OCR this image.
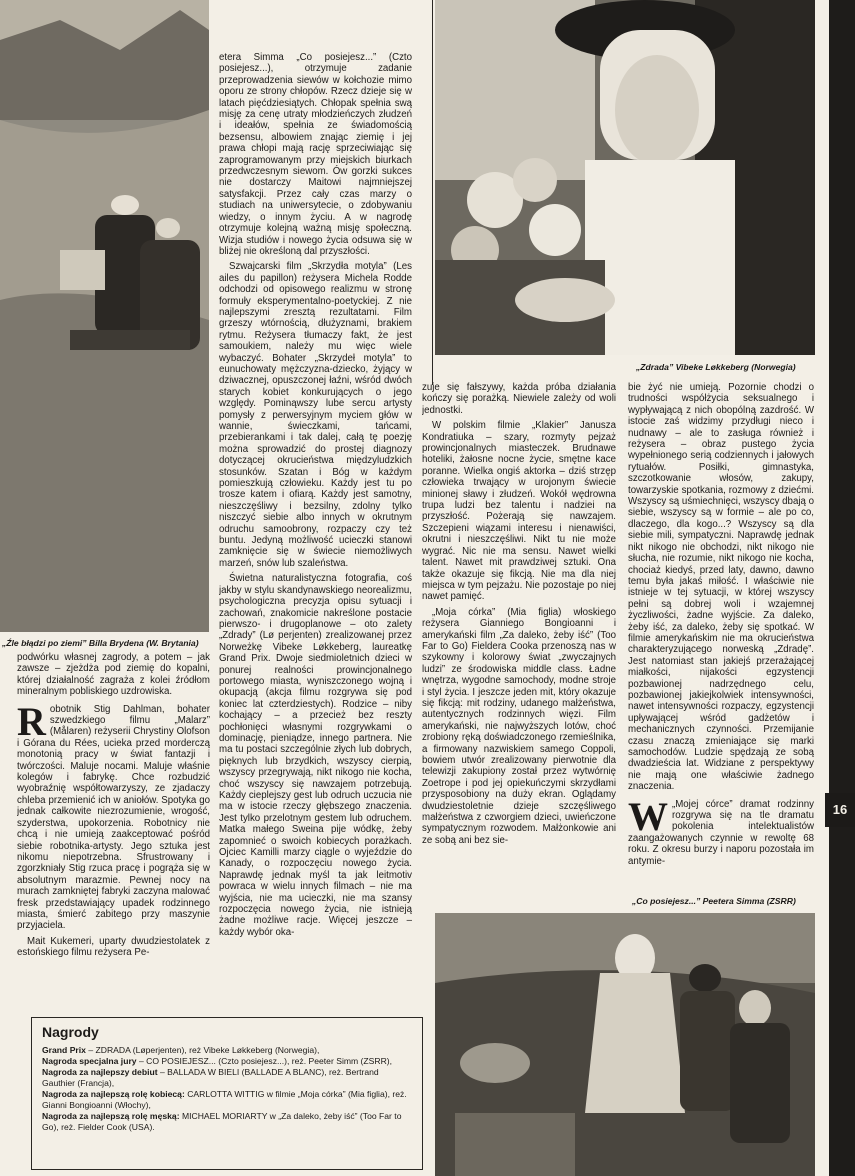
„Źle błądzi po ziemi” Billa Brydena (W. Brytania)
„Zdrada” Vibeke Løkkeberg (Norwegia)
16

podwórku własnej zagrody, a potem – jak zawsze – zjeżdża pod ziemię do kopalni, której działalność zagraża z kolei źródłom mineralnym pobliskiego uzdrowiska.

Robotnik Stig Dahlman, bohater szwedzkiego filmu „Malarz” (Målaren) reżyserii Chrystiny Olofson i Górana du Rées, ucieka przed morderczą monotonią pracy w świat fantazji i twórczości. Maluje nocami. Maluje właśnie kolegów i fabrykę. Chce rozbudzić wyobraźnię współtowarzyszy, ze zjadaczy chleba przemienić ich w aniołów. Spotyka go jednak całkowite niezrozumienie, wrogość, szyderstwa, upokorzenia. Robotnicy nie chcą i nie umieją zaakceptować pośród siebie robotnika-artysty. Jego sztuka jest nikomu niepotrzebna. Sfrustrowany i zgorzkniały Stig rzuca pracę i pogrąża się w absolutnym marazmie. Pewnej nocy na murach zamkniętej fabryki zaczyna malować fresk przedstawiający upadek rodzinnego miasta, śmierć zabitego przy maszynie przyjaciela.

Mait Kukemeri, uparty dwudziestolatek z estońskiego filmu reżysera Pe-

etera Simma „Co posiejesz...” (Czto posiejesz...), otrzymuje zadanie przeprowadzenia siewów w kołchozie mimo oporu ze strony chłopów. Rzecz dzieje się w latach pięćdziesiątych. Chłopak spełnia swą misję za cenę utraty młodzieńczych złudzeń i ideałów, spełnia ze świadomością bezsensu, albowiem znając ziemię i jej prawa chłopi mają rację sprzeciwiając się zaprogramowanym przy miejskich biurkach przedwczesnym siewom. Ów gorzki sukces nie dostarczy Maitowi najmniejszej satysfakcji. Przez cały czas marzy o studiach na uniwersytecie, o zdobywaniu wiedzy, o innym życiu. A w nagrodę otrzymuje kolejną ważną misję społeczną. Wizja studiów i nowego życia odsuwa się w bliżej nie określoną dal przyszłości.

Szwajcarski film „Skrzydła motyla” (Les ailes du papillon) reżysera Michela Rodde odchodzi od opisowego realizmu w stronę formuły eksperymentalno-poetyckiej. Z nie najlepszymi zresztą rezultatami. Film grzeszy wtórnością, dłużyznami, brakiem rytmu. Reżysera tłumaczy fakt, że jest samoukiem, należy mu więc wiele wybaczyć. Bohater „Skrzydeł motyla” to eunuchowaty mężczyzna-dziecko, żyjący w dziwacznej, opuszczonej łaźni, wśród dwóch starych kobiet konkurujących o jego względy. Pominąwszy lube sercu artysty pomysły z perwersyjnym myciem głów w wannie, świeczkami, tańcami, przebierankami i tak dalej, całą tę poezję można sprowadzić do prostej diagnozy dotyczącej okrucieństwa międzyludzkich stosunków. Szatan i Bóg w każdym pomieszkują człowieku. Każdy jest tu po trosze katem i ofiarą. Każdy jest samotny, nieszczęśliwy i bezsilny, zdolny tylko niszczyć siebie albo innych w okrutnym odruchu samoobrony, rozpaczy czy też buntu. Jedyną możliwość ucieczki stanowi zamknięcie się w świecie niemożliwych marzeń, snów lub szaleństwa.

Świetna naturalistyczna fotografia, coś jakby w stylu skandynawskiego neorealizmu, psychologiczna precyzja opisu sytuacji i zachowań, znakomicie nakreślone postacie pierwszo- i drugoplanowe – oto zalety „Zdrady” (Lø perjenten) zrealizowanej przez Norweżkę Vibeke Løkkeberg, laureatkę Grand Prix. Dwoje siedmioletnich dzieci w ponurej realności prowincjonalnego portowego miasta, wyniszczonego wojną i okupacją (akcja filmu rozgrywa się pod koniec lat czterdziestych). Rodzice – niby kochający – a przecież bez reszty pochłonięci własnymi rozgrywkami o dominację, pieniądze, innego partnera. Nie ma tu postaci szczególnie złych lub dobrych, pięknych lub brzydkich, wszyscy cierpią, wszyscy przegrywają, nikt nikogo nie kocha, choć wszyscy się nawzajem potrzebują. Każdy cieplejszy gest lub odruch uczucia nie ma w istocie rzeczy głębszego znaczenia. Jest tylko przelotnym gestem lub odruchem. Matka małego Sweina pije wódkę, żeby zapomnieć o swoich kobiecych porażkach. Ojciec Kamilli marzy ciągle o wyjeździe do Kanady, o rozpoczęciu nowego życia. Naprawdę jednak myśl ta jak leitmotiv powraca w wielu innych filmach – nie ma wyjścia, nie ma ucieczki, nie ma szansy rozpoczęcia nowego życia, nie istnieją żadne możliwe racje. Więcej jeszcze – każdy wybór oka-

zuje się fałszywy, każda próba działania kończy się porażką. Niewiele zależy od woli jednostki.

W polskim filmie „Klakier” Janusza Kondratiuka – szary, rozmyty pejzaż prowincjonalnych miasteczek. Brudnawe hoteliki, żałosne nocne życie, smętne kace poranne. Wielka ongiś aktorka – dziś strzęp człowieka trwający w urojonym świecie minionej sławy i złudzeń. Wokół wędrowna trupa ludzi bez talentu i nadziei na przyszłość. Pożerają się nawzajem. Szczepieni wiązami interesu i nienawiści, okrutni i nieszczęśliwi. Nikt tu nie może wygrać. Nic nie ma sensu. Nawet wielki talent. Nawet mit prawdziwej sztuki. Ona także okazuje się fikcją. Nie ma dla niej miejsca w tym pejzażu. Nie pozostaje po niej nawet pamięć.

„Moja córka” (Mia figlia) włoskiego reżysera Gianniego Bongioanni i amerykański film „Za daleko, żeby iść” (Too Far to Go) Fieldera Cooka przenoszą nas w szykowny i kolorowy świat „zwyczajnych ludzi” ze środowiska middle class. Ładne wnętrza, wygodne samochody, modne stroje i styl życia. I jeszcze jeden mit, który okazuje się fikcją: mit rodziny, udanego małżeństwa, autentycznych rodzinnych więzi. Film amerykański, nie najwyższych lotów, choć zrobiony ręką doświadczonego rzemieślnika, a firmowany nazwiskiem samego Coppoli, bowiem utwór zrealizowany pierwotnie dla telewizji zakupiony został przez wytwórnię Zoetrope i pod jej opiekuńczymi skrzydłami przysposobiony na duży ekran. Oglądamy dwudziestoletnie dzieje szczęśliwego małżeństwa z czworgiem dzieci, uwieńczone sympatycznym rozwodem. Małżonkowie ani ze sobą ani bez sie-

bie żyć nie umieją. Pozornie chodzi o trudności współżycia seksualnego i wypływającą z nich obopólną zazdrość. W istocie zaś widzimy przydługi nieco i nudnawy – ale to zasługa również i reżysera – obraz pustego życia wypełnionego serią codziennych i jałowych rytuałów. Posiłki, gimnastyka, szczotkowanie włosów, zakupy, towarzyskie spotkania, rozmowy z dziećmi. Wszyscy są uśmiechnięci, wszyscy dbają o siebie, wszyscy są w formie – ale po co, dlaczego, dla kogo...? Wszyscy są dla siebie mili, sympatyczni. Naprawdę jednak nikt nikogo nie obchodzi, nikt nikogo nie słucha, nie rozumie, nikt nikogo nie kocha, chociaż kiedyś, przed laty, dawno, dawno temu była jakaś miłość. I właściwie nie istnieje w tej sytuacji, w której wszyscy pełni są dobrej woli i wzajemnej życzliwości, żadne wyjście. Za daleko, żeby iść, za daleko, żeby się spotkać. W filmie amerykańskim nie ma okrucieństwa charakteryzującego norweską „Zdradę”. Jest natomiast stan jakiejś przerażającej miałkości, nijakości egzystencji pozbawionej nadrzędnego celu, pozbawionej jakiejkolwiek intensywności, nawet intensywności rozpaczy, egzystencji upływającej wśród gadżetów i mechanicznych czynności. Przemijanie czasu znaczą zmieniające się marki samochodów. Ludzie spędzają ze sobą dwadzieścia lat. Widziane z perspektywy nie mają one właściwie żadnego znaczenia.

W „Mojej córce” dramat rodzinny rozgrywa się na tle dramatu pokolenia intelektualistów zaangażowanych czynnie w rewoltę 68 roku. Z okresu burzy i naporu pozostała im antymie-

„Co posiejesz...” Peetera Simma (ZSRR)
Nagrody

Grand Prix – ZDRADA (Løperjenten), reż Vibeke Løkkeberg (Norwegia),

Nagroda specjalna jury – CO POSIEJESZ... (Czto posiejesz...), reż. Peeter Simm (ZSRR),

Nagroda za najlepszy debiut – BALLADA W BIELI (BALLADE A BLANC), reż. Bertrand Gauthier (Francja),

Nagroda za najlepszą rolę kobiecą: CARLOTTA WITTIG w filmie „Moja córka” (Mia figlia), reż. Gianni Bongioanni (Włochy),

Nagroda za najlepszą rolę męską: MICHAEL MORIARTY w „Za daleko, żeby iść” (Too Far to Go), reż. Fielder Cook (USA).
